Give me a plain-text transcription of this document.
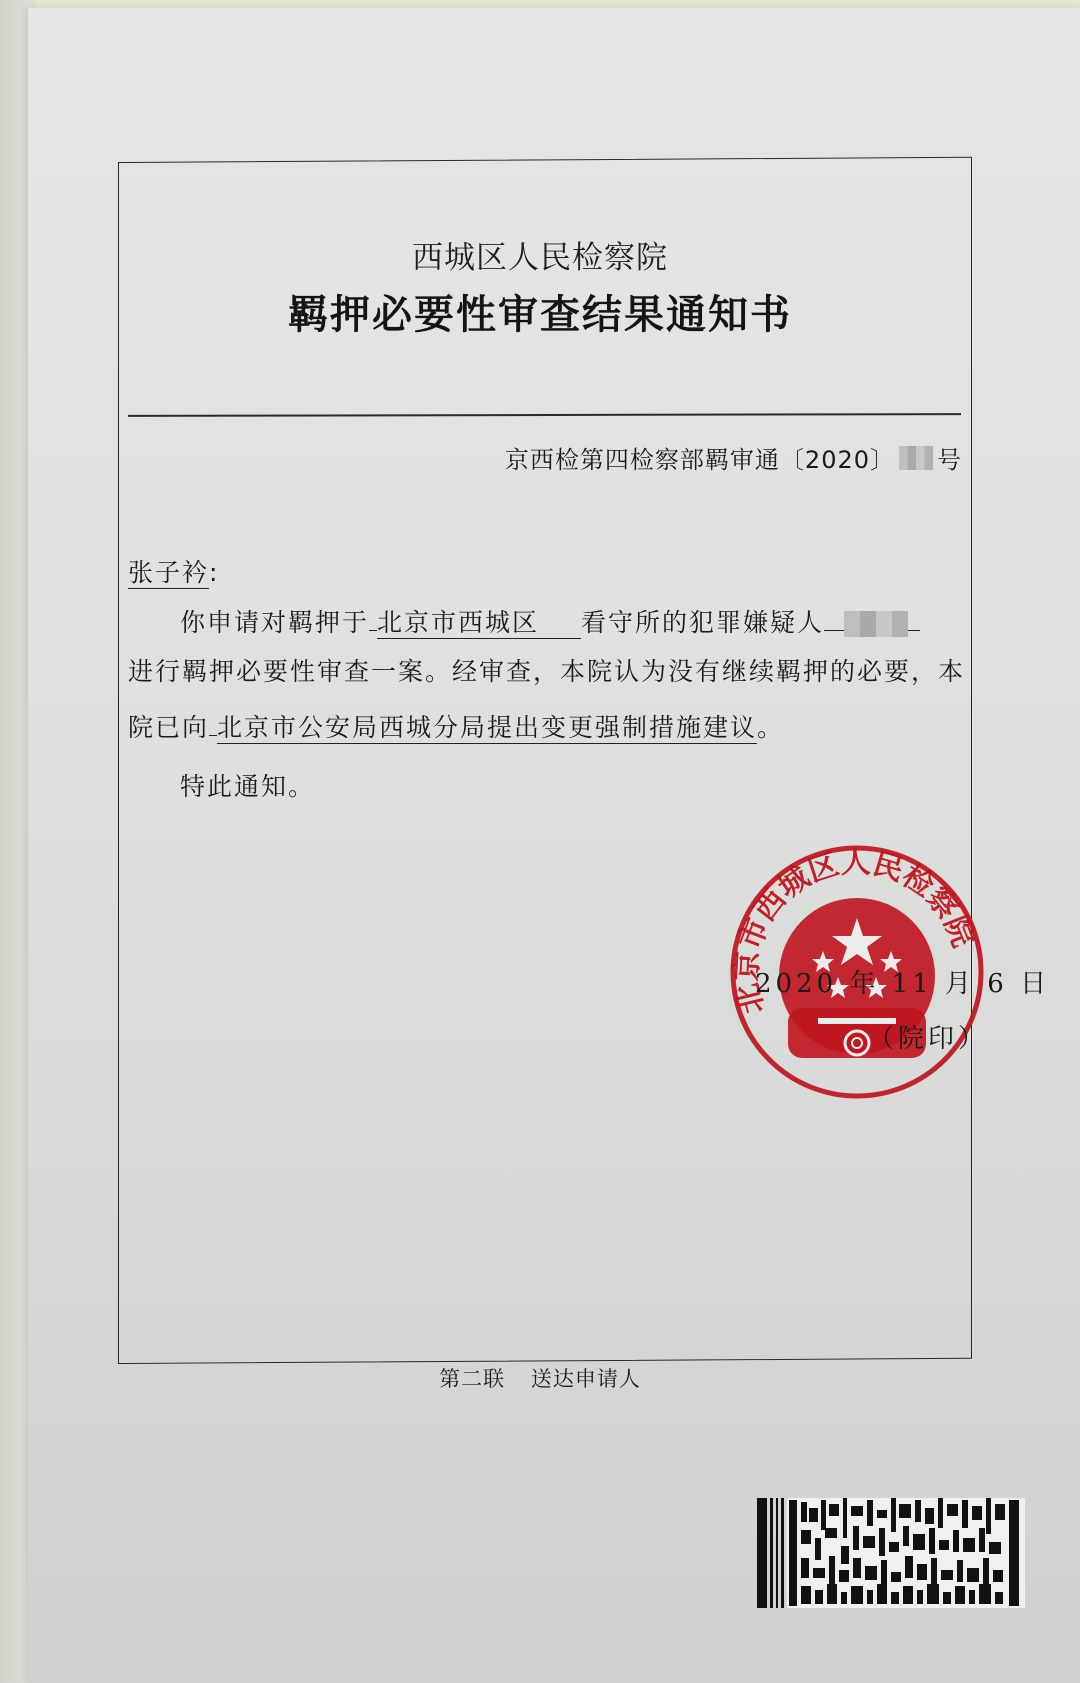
西城区人民检察院
羁押必要性审查结果通知书
京西检第四检察部羁审通〔2020〕 号
张子衿:
你申请对羁押于 北京市西城区 看守所的犯罪嫌疑人
进行羁押必要性审查一案。经审查，本院认为没有继续羁押的必要，本
院已向 北京市公安局西城分局提出变更强制措施建议。
特此通知。
北京市西城区人民检察院
2020 年 11 月 6 日
（院印）
第二联 送达申请人
